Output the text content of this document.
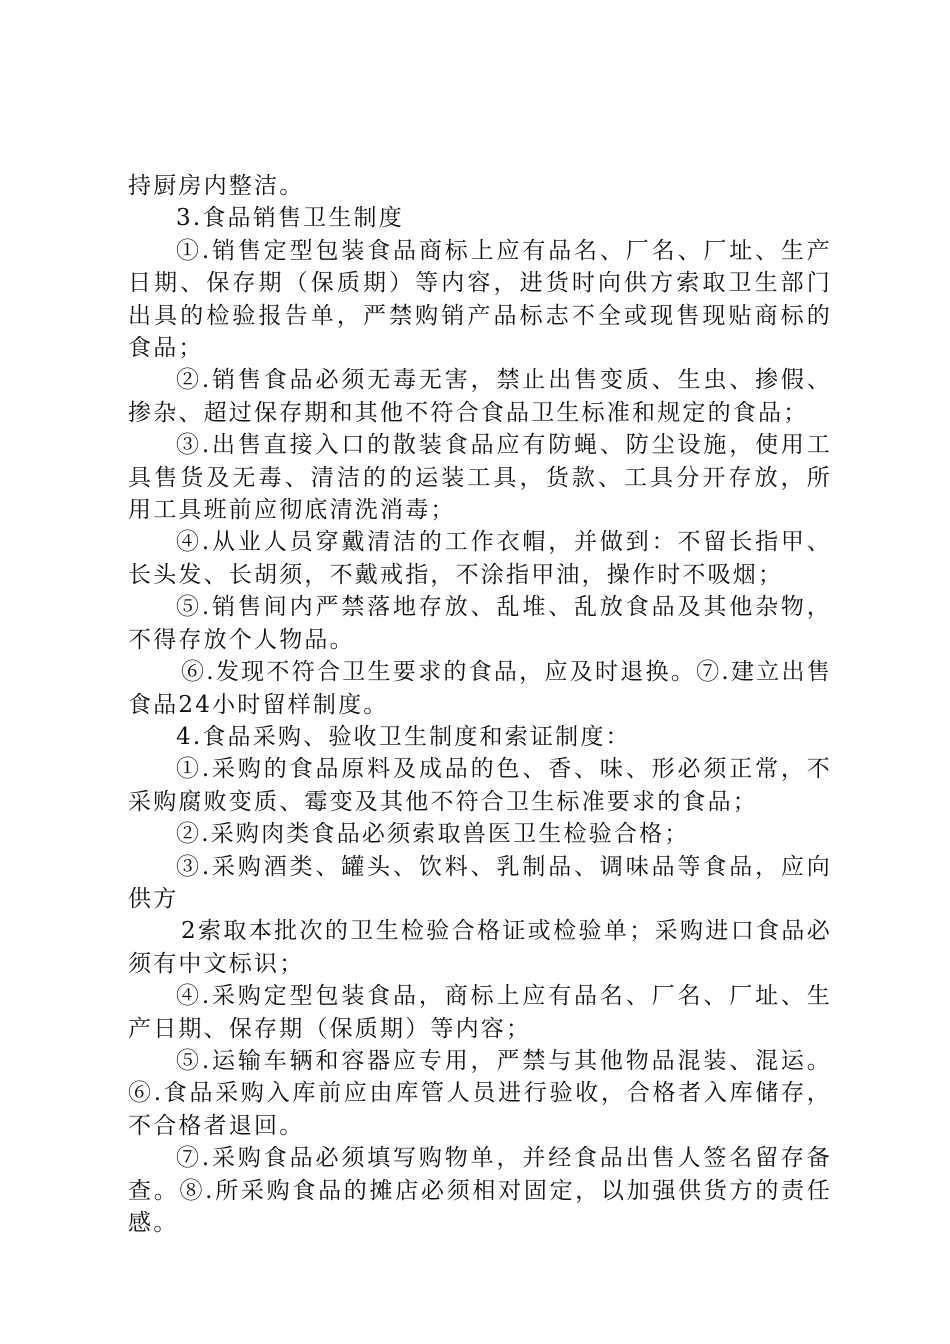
持厨房内整洁。

3.食品销售卫生制度

①.销售定型包装食品商标上应有品名、厂名、厂址、生产日期、保存期（保质期）等内容，进货时向供方索取卫生部门出具的检验报告单，严禁购销产品标志不全或现售现贴商标的食品；

②.销售食品必须无毒无害，禁止出售变质、生虫、掺假、掺杂、超过保存期和其他不符合食品卫生标准和规定的食品；

③.出售直接入口的散装食品应有防蝇、防尘设施，使用工具售货及无毒、清洁的的运装工具，货款、工具分开存放，所用工具班前应彻底清洗消毒；

④.从业人员穿戴清洁的工作衣帽，并做到：不留长指甲、长头发、长胡须，不戴戒指，不涂指甲油，操作时不吸烟；

⑤.销售间内严禁落地存放、乱堆、乱放食品及其他杂物，不得存放个人物品。

⑥.发现不符合卫生要求的食品，应及时退换。⑦.建立出售食品24小时留样制度。

4.食品采购、验收卫生制度和索证制度：

①.采购的食品原料及成品的色、香、味、形必须正常，不采购腐败变质、霉变及其他不符合卫生标准要求的食品；

②.采购肉类食品必须索取兽医卫生检验合格；

③.采购酒类、罐头、饮料、乳制品、调味品等食品，应向供方

2索取本批次的卫生检验合格证或检验单；采购进口食品必须有中文标识；

④.采购定型包装食品，商标上应有品名、厂名、厂址、生产日期、保存期（保质期）等内容；

⑤.运输车辆和容器应专用，严禁与其他物品混装、混运。⑥.食品采购入库前应由库管人员进行验收，合格者入库储存，不合格者退回。

⑦.采购食品必须填写购物单，并经食品出售人签名留存备查。⑧.所采购食品的摊店必须相对固定，以加强供货方的责任感。
